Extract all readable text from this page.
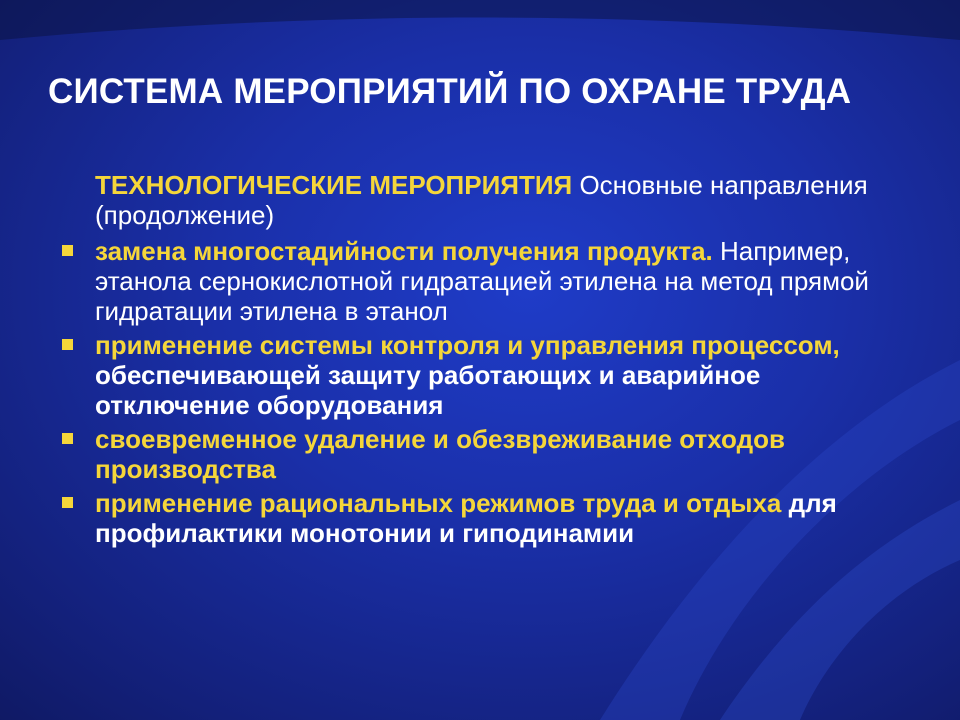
СИСТЕМА МЕРОПРИЯТИЙ ПО ОХРАНЕ ТРУДА

ТЕХНОЛОГИЧЕСКИЕ МЕРОПРИЯТИЯ Основные направления (продолжение)

замена многостадийности получения продукта. Например, этанола сернокислотной гидратацией этилена на метод прямой гидратации этилена в этанол
применение системы контроля и управления процессом, обеспечивающей защиту работающих и аварийное отключение оборудования
своевременное удаление и обезвреживание отходов производства
применение рациональных режимов труда и отдыха для профилактики монотонии и гиподинамии
